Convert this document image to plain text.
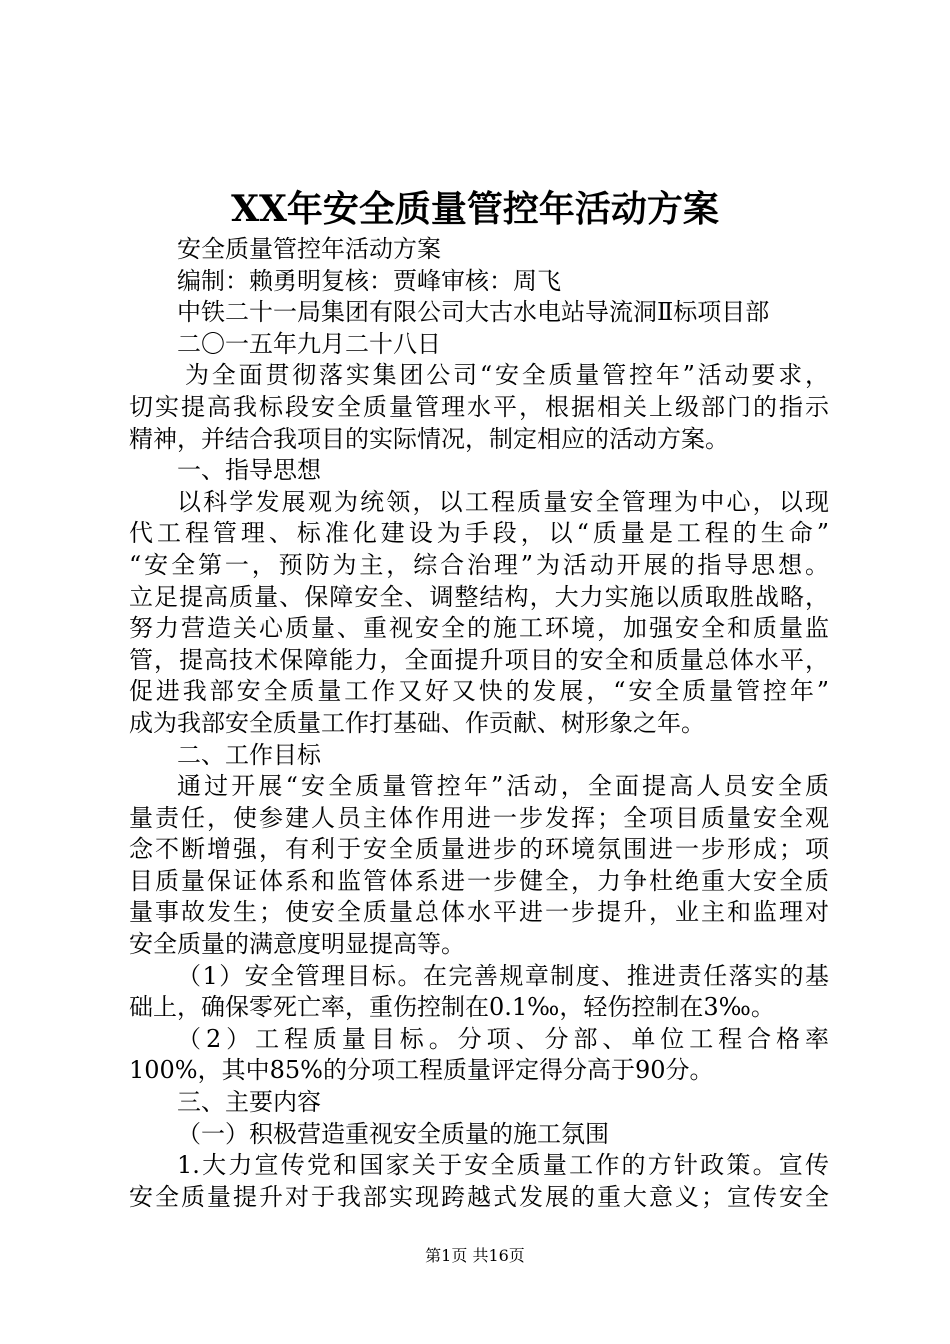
XX年安全质量管控年活动方案
安全质量管控年活动方案
编制：赖勇明复核：贾峰审核：周飞
中铁二十一局集团有限公司大古水电站导流洞Ⅱ标项目部
二〇一五年九月二十八日
为全面贯彻落实集团公司“安全质量管控年”活动要求，
切实提高我标段安全质量管理水平，根据相关上级部门的指示
精神，并结合我项目的实际情况，制定相应的活动方案。
一、指导思想
以科学发展观为统领，以工程质量安全管理为中心，以现
代工程管理、标准化建设为手段，以“质量是工程的生命”
“安全第一，预防为主，综合治理”为活动开展的指导思想。
立足提高质量、保障安全、调整结构，大力实施以质取胜战略，
努力营造关心质量、重视安全的施工环境，加强安全和质量监
管，提高技术保障能力，全面提升项目的安全和质量总体水平，
促进我部安全质量工作又好又快的发展，“安全质量管控年”
成为我部安全质量工作打基础、作贡献、树形象之年。
二、工作目标
通过开展“安全质量管控年”活动，全面提高人员安全质
量责任，使参建人员主体作用进一步发挥；全项目质量安全观
念不断增强，有利于安全质量进步的环境氛围进一步形成；项
目质量保证体系和监管体系进一步健全，力争杜绝重大安全质
量事故发生；使安全质量总体水平进一步提升，业主和监理对
安全质量的满意度明显提高等。
（1）安全管理目标。在完善规章制度、推进责任落实的基
础上，确保零死亡率，重伤控制在0.1‰，轻伤控制在3‰。
（2）工程质量目标。分项、分部、单位工程合格率
100%，其中85%的分项工程质量评定得分高于90分。
三、主要内容
（一）积极营造重视安全质量的施工氛围
1.大力宣传党和国家关于安全质量工作的方针政策。宣传
安全质量提升对于我部实现跨越式发展的重大意义；宣传安全
第1页 共16页
